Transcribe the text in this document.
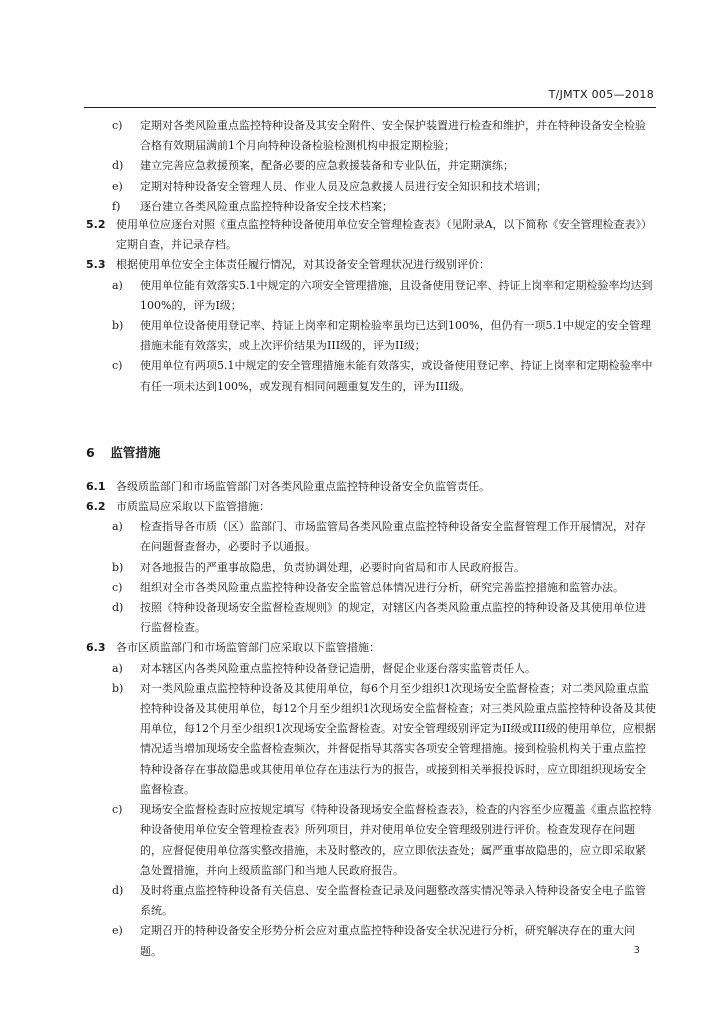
T/JMTX 005—2018
c) 定期对各类风险重点监控特种设备及其安全附件、安全保护装置进行检查和维护，并在特种设备安全检验合格有效期届满前1个月向特种设备检验检测机构申报定期检验；
d) 建立完善应急救援预案，配备必要的应急救援装备和专业队伍，并定期演练；
e) 定期对特种设备安全管理人员、作业人员及应急救援人员进行安全知识和技术培训；
f) 逐台建立各类风险重点监控特种设备安全技术档案；
5.2 使用单位应逐台对照《重点监控特种设备使用单位安全管理检查表》（见附录A，以下简称《安全管理检查表》）定期自查，并记录存档。
5.3 根据使用单位安全主体责任履行情况，对其设备安全管理状况进行级别评价：
a) 使用单位能有效落实5.1中规定的六项安全管理措施，且设备使用登记率、持证上岗率和定期检验率均达到100%的，评为I级；
b) 使用单位设备使用登记率、持证上岗率和定期检验率虽均已达到100%，但仍有一项5.1中规定的安全管理措施未能有效落实，或上次评价结果为III级的，评为II级；
c) 使用单位有两项5.1中规定的安全管理措施未能有效落实，或设备使用登记率、持证上岗率和定期检验率中有任一项未达到100%，或发现有相同问题重复发生的，评为III级。
6 监管措施
6.1 各级质监部门和市场监管部门对各类风险重点监控特种设备安全负监管责任。
6.2 市质监局应采取以下监管措施：
a) 检查指导各市质（区）监部门、市场监管局各类风险重点监控特种设备安全监督管理工作开展情况，对存在问题督查督办，必要时予以通报。
b) 对各地报告的严重事故隐患，负责协调处理，必要时向省局和市人民政府报告。
c) 组织对全市各类风险重点监控特种设备安全监管总体情况进行分析，研究完善监控措施和监管办法。
d) 按照《特种设备现场安全监督检查规则》的规定，对辖区内各类风险重点监控的特种设备及其使用单位进行监督检查。
6.3 各市区质监部门和市场监管部门应采取以下监管措施：
a) 对本辖区内各类风险重点监控特种设备登记造册，督促企业逐台落实监管责任人。
b) 对一类风险重点监控特种设备及其使用单位，每6个月至少组织1次现场安全监督检查；对二类风险重点监控特种设备及其使用单位，每12个月至少组织1次现场安全监督检查；对三类风险重点监控特种设备及其使用单位，每12个月至少组织1次现场安全监督检查。对安全管理级别评定为II级或III级的使用单位，应根据情况适当增加现场安全监督检查频次，并督促指导其落实各项安全管理措施。接到检验机构关于重点监控特种设备存在事故隐患或其使用单位存在违法行为的报告，或接到相关举报投诉时，应立即组织现场安全监督检查。
c) 现场安全监督检查时应按规定填写《特种设备现场安全监督检查表》，检查的内容至少应覆盖《重点监控特种设备使用单位安全管理检查表》所列项目，并对使用单位安全管理级别进行评价。检查发现存在问题的，应督促使用单位落实整改措施，未及时整改的，应立即依法查处；属严重事故隐患的，应立即采取紧急处置措施，并向上级质监部门和当地人民政府报告。
d) 及时将重点监控特种设备有关信息、安全监督检查记录及问题整改落实情况等录入特种设备安全电子监管系统。
e) 定期召开的特种设备安全形势分析会应对重点监控特种设备安全状况进行分析，研究解决存在的重大问题。	3
